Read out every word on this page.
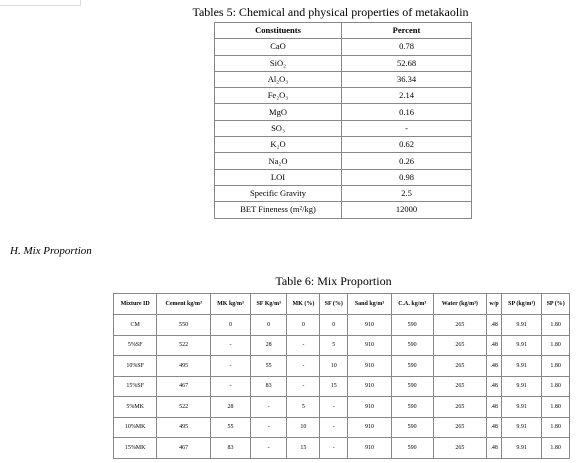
Tables 5: Chemical and physical properties of metakaolin
Constituents	Percent
CaO	0.78
SiO₂	52.68
Al₂O₃	36.34
Fe₂O₃	2.14
MgO	0.16
SO₃	-
K₂O	0.62
Na₂O	0.26
LOI	0.98
Specific Gravity	2.5
BET Fineness (m²/kg)	12000
H. Mix Proportion
Table 6: Mix Proportion
Mixture ID	Cement kg/m³	MK kg/m³	SF Kg/m³	MK (%)	SF (%)	Sand kg/m³	C.A. kg/m³	Water (kg/m³)	w/p	SP (kg/m³)	SP (%)
CM	550	0	0	0	0	910	590	265	.48	9.91	1.80
5%SF	522	-	28	-	5	910	590	265	.48	9.91	1.80
10%SF	495	-	55	-	10	910	590	265	.48	9.91	1.80
15%SF	467	-	83	-	15	910	590	265	.48	9.91	1.80
5%MK	522	28	-	5	-	910	590	265	.48	9.91	1.80
10%MK	495	55	-	10	-	910	590	265	.48	9.91	1.80
15%MK	467	83	-	15	-	910	590	265	.48	9.91	1.80
